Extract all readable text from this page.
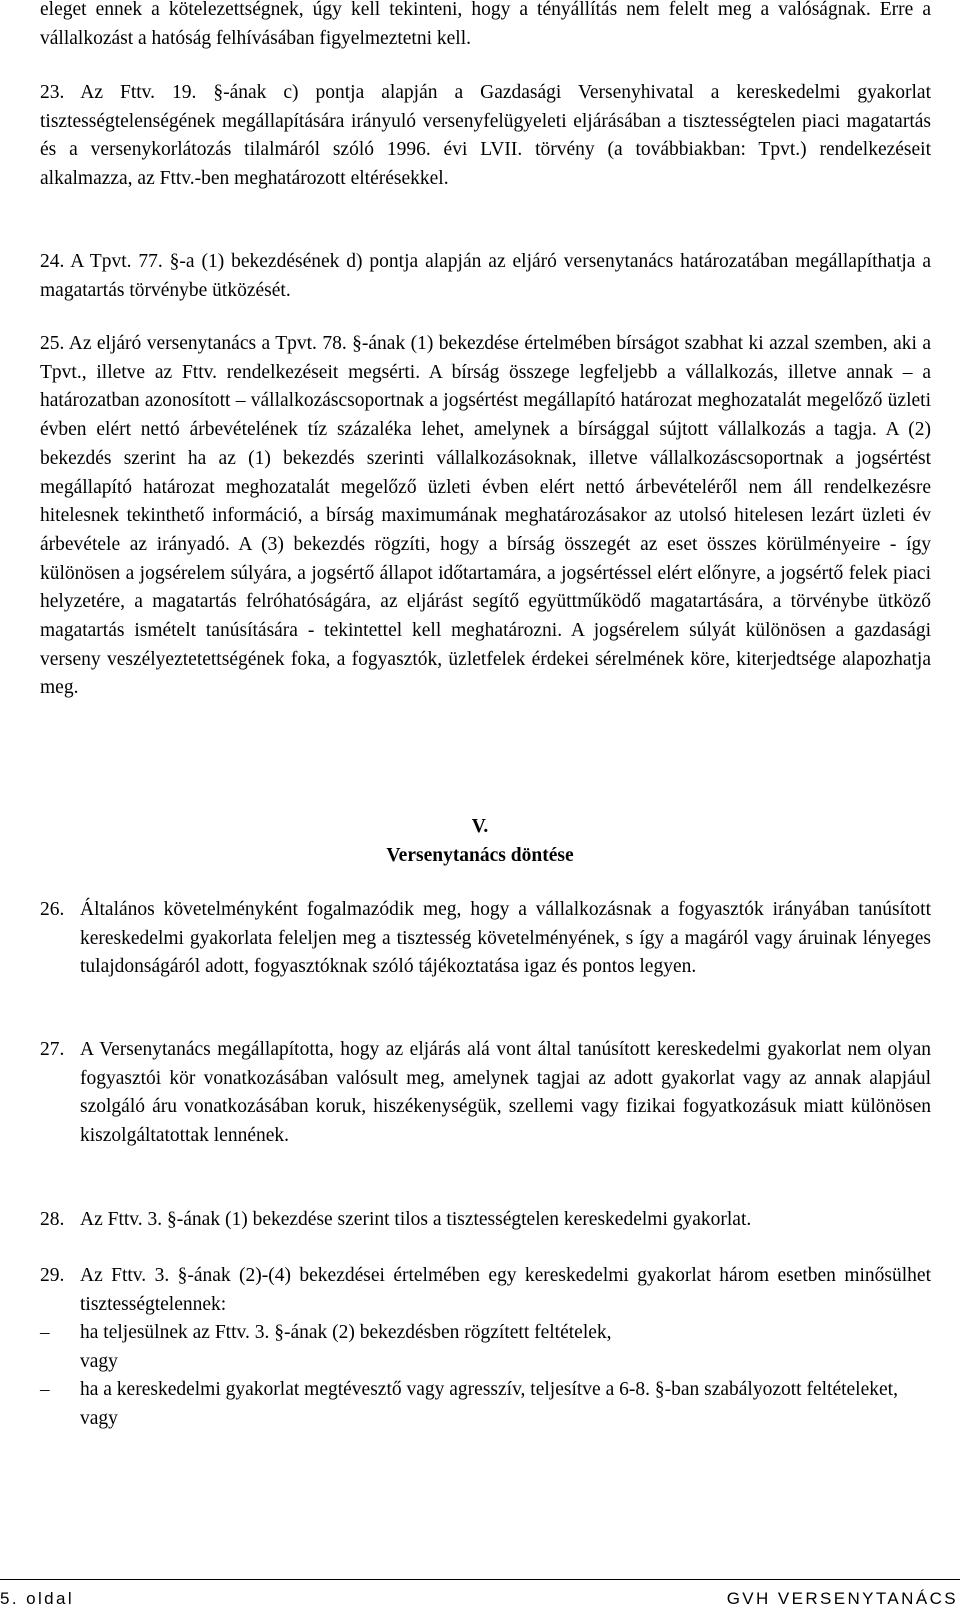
eleget ennek a kötelezettségnek, úgy kell tekinteni, hogy a tényállítás nem felelt meg a valóságnak. Erre a vállalkozást a hatóság felhívásában figyelmeztetni kell.
23. Az Fttv. 19. §-ának c) pontja alapján a Gazdasági Versenyhivatal a kereskedelmi gyakorlat tisztességtelenségének megállapítására irányuló versenyfelügyeleti eljárásában a tisztességtelen piaci magatartás és a versenykorlátozás tilalmáról szóló 1996. évi LVII. törvény (a továbbiakban: Tpvt.) rendelkezéseit alkalmazza, az Fttv.-ben meghatározott eltérésekkel.
24. A Tpvt. 77. §-a (1) bekezdésének d) pontja alapján az eljáró versenytanács határozatában megállapíthatja a magatartás törvénybe ütközését.
25. Az eljáró versenytanács a Tpvt. 78. §-ának (1) bekezdése értelmében bírságot szabhat ki azzal szemben, aki a Tpvt., illetve az Fttv. rendelkezéseit megsérti. A bírság összege legfeljebb a vállalkozás, illetve annak – a határozatban azonosított – vállalkozáscsoportnak a jogsértést megállapító határozat meghozatalát megelőző üzleti évben elért nettó árbevételének tíz százaléka lehet, amelynek a bírsággal sújtott vállalkozás a tagja. A (2) bekezdés szerint ha az (1) bekezdés szerinti vállalkozásoknak, illetve vállalkozáscsoportnak a jogsértést megállapító határozat meghozatalát megelőző üzleti évben elért nettó árbevételéről nem áll rendelkezésre hitelesnek tekinthető információ, a bírság maximumának meghatározásakor az utolsó hitelesen lezárt üzleti év árbevétele az irányadó. A (3) bekezdés rögzíti, hogy a bírság összegét az eset összes körülményeire - így különösen a jogsérelem súlyára, a jogsértő állapot időtartamára, a jogsértéssel elért előnyre, a jogsértő felek piaci helyzetére, a magatartás felróhatóságára, az eljárást segítő együttműködő magatartására, a törvénybe ütköző magatartás ismételt tanúsítására - tekintettel kell meghatározni. A jogsérelem súlyát különösen a gazdasági verseny veszélyeztetettségének foka, a fogyasztók, üzletfelek érdekei sérelmének köre, kiterjedtsége alapozhatja meg.
V.
Versenytanács döntése
26. Általános követelményként fogalmazódik meg, hogy a vállalkozásnak a fogyasztók irányában tanúsított kereskedelmi gyakorlata feleljen meg a tisztesség követelményének, s így a magáról vagy áruinak lényeges tulajdonságáról adott, fogyasztóknak szóló tájékoztatása igaz és pontos legyen.
27. A Versenytanács megállapította, hogy az eljárás alá vont által tanúsított kereskedelmi gyakorlat nem olyan fogyasztói kör vonatkozásában valósult meg, amelynek tagjai az adott gyakorlat vagy az annak alapjául szolgáló áru vonatkozásában koruk, hiszékenységük, szellemi vagy fizikai fogyatkozásuk miatt különösen kiszolgáltatottak lennének.
28. Az Fttv. 3. §-ának (1) bekezdése szerint tilos a tisztességtelen kereskedelmi gyakorlat.
29. Az Fttv. 3. §-ának (2)-(4) bekezdései értelmében egy kereskedelmi gyakorlat három esetben minősülhet tisztességtelennek:
– ha teljesülnek az Fttv. 3. §-ának (2) bekezdésben rögzített feltételek,
vagy
– ha a kereskedelmi gyakorlat megtévesztő vagy agresszív, teljesítve a 6-8. §-ban szabályozott feltételeket,
vagy
5. oldal	GVH VERSENYTANÁCS
